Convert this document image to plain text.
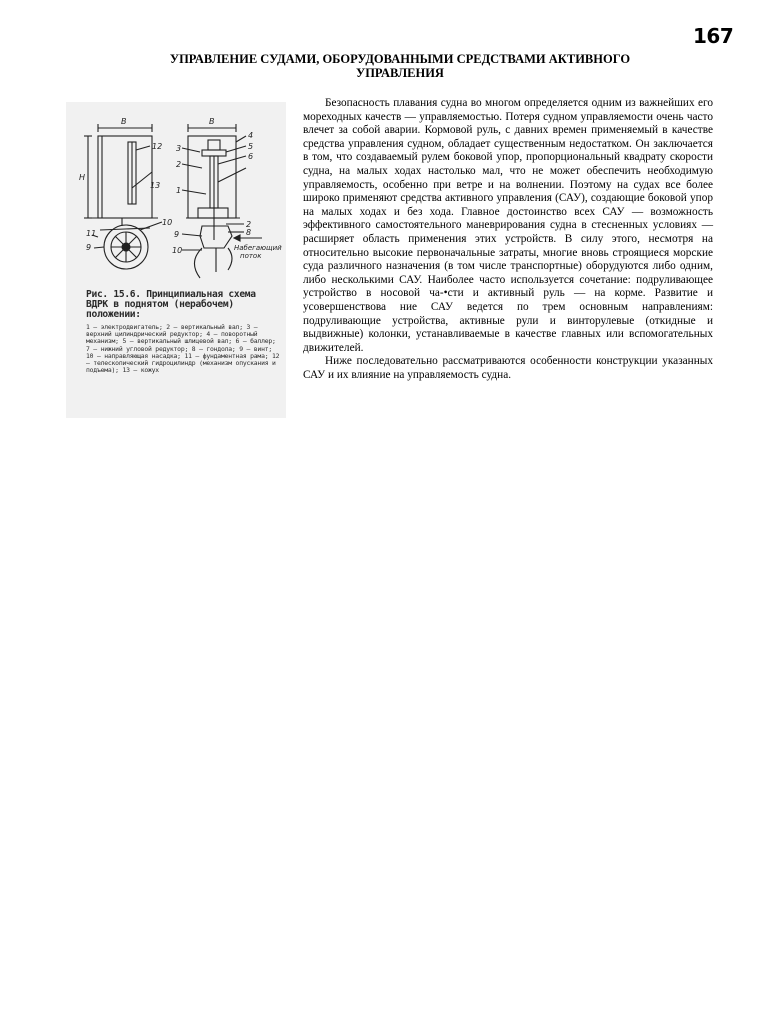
167
УПРАВЛЕНИЕ СУДАМИ, ОБОРУДОВАННЫМИ СРЕДСТВАМИ АКТИВНОГО
УПРАВЛЕНИЯ
В	В
Н
12
13
11
9
10
4
5
6
3
2
1
2
8
9
10	Набегающий
поток
Рис. 15.6. Принципиальная схема ВДРК в поднятом (нерабочем) положении:
1 — электродвигатель; 2 — вертикальный вал; 3 — верхний цилиндрический редуктор; 4 — поворотный механизм; 5 — вертикальный шлицевой вал; 6 — баллер; 7 — нижний угловой редуктор; 8 — гондола; 9 — винт; 10 — направляющая насадка; 11 — фундаментная рама; 12 — телескопический гидроцилиндр (механизм опускания и подъема); 13 — кожух

Безопасность плавания судна во многом определяется одним из важнейших его мореходных качеств — управляемостью. Потеря судном управляемости очень часто влечет за собой аварии. Кормовой руль, с давних времен применяемый в качестве средства управления судном, обладает существенным недостатком. Он заключается в том, что создаваемый рулем боковой упор, пропорциональный квадрату скорости судна, на малых ходах настолько мал, что не может обеспечить необходимую управляемость, особенно при ветре и на волнении. Поэтому на судах все более широко применяют средства активного управления (САУ), создающие боковой упор на малых ходах и без хода. Главное достоинство всех САУ — возможность эффективного самостоятельного маневрирования судна в стесненных условиях — расширяет область применения этих устройств. В силу этого, несмотря на относительно высокие первоначальные затраты, многие вновь строящиеся морские суда различного назначения (в том числе транспортные) оборудуются либо одним, либо несколькими САУ. Наиболее часто используется сочетание: подруливающее устройство в носовой ча-•сти и активный руль — на корме. Развитие и усовершенствова ние САУ ведется по трем основным направлениям: подруливающие устройства, активные рули и винторулевые (откидные и выдвижные) колонки, устанавливаемые в качестве главных или вспомогательных движителей.

Ниже последовательно рассматриваются особенности конструкции указанных САУ и их влияние на управляемость судна.
